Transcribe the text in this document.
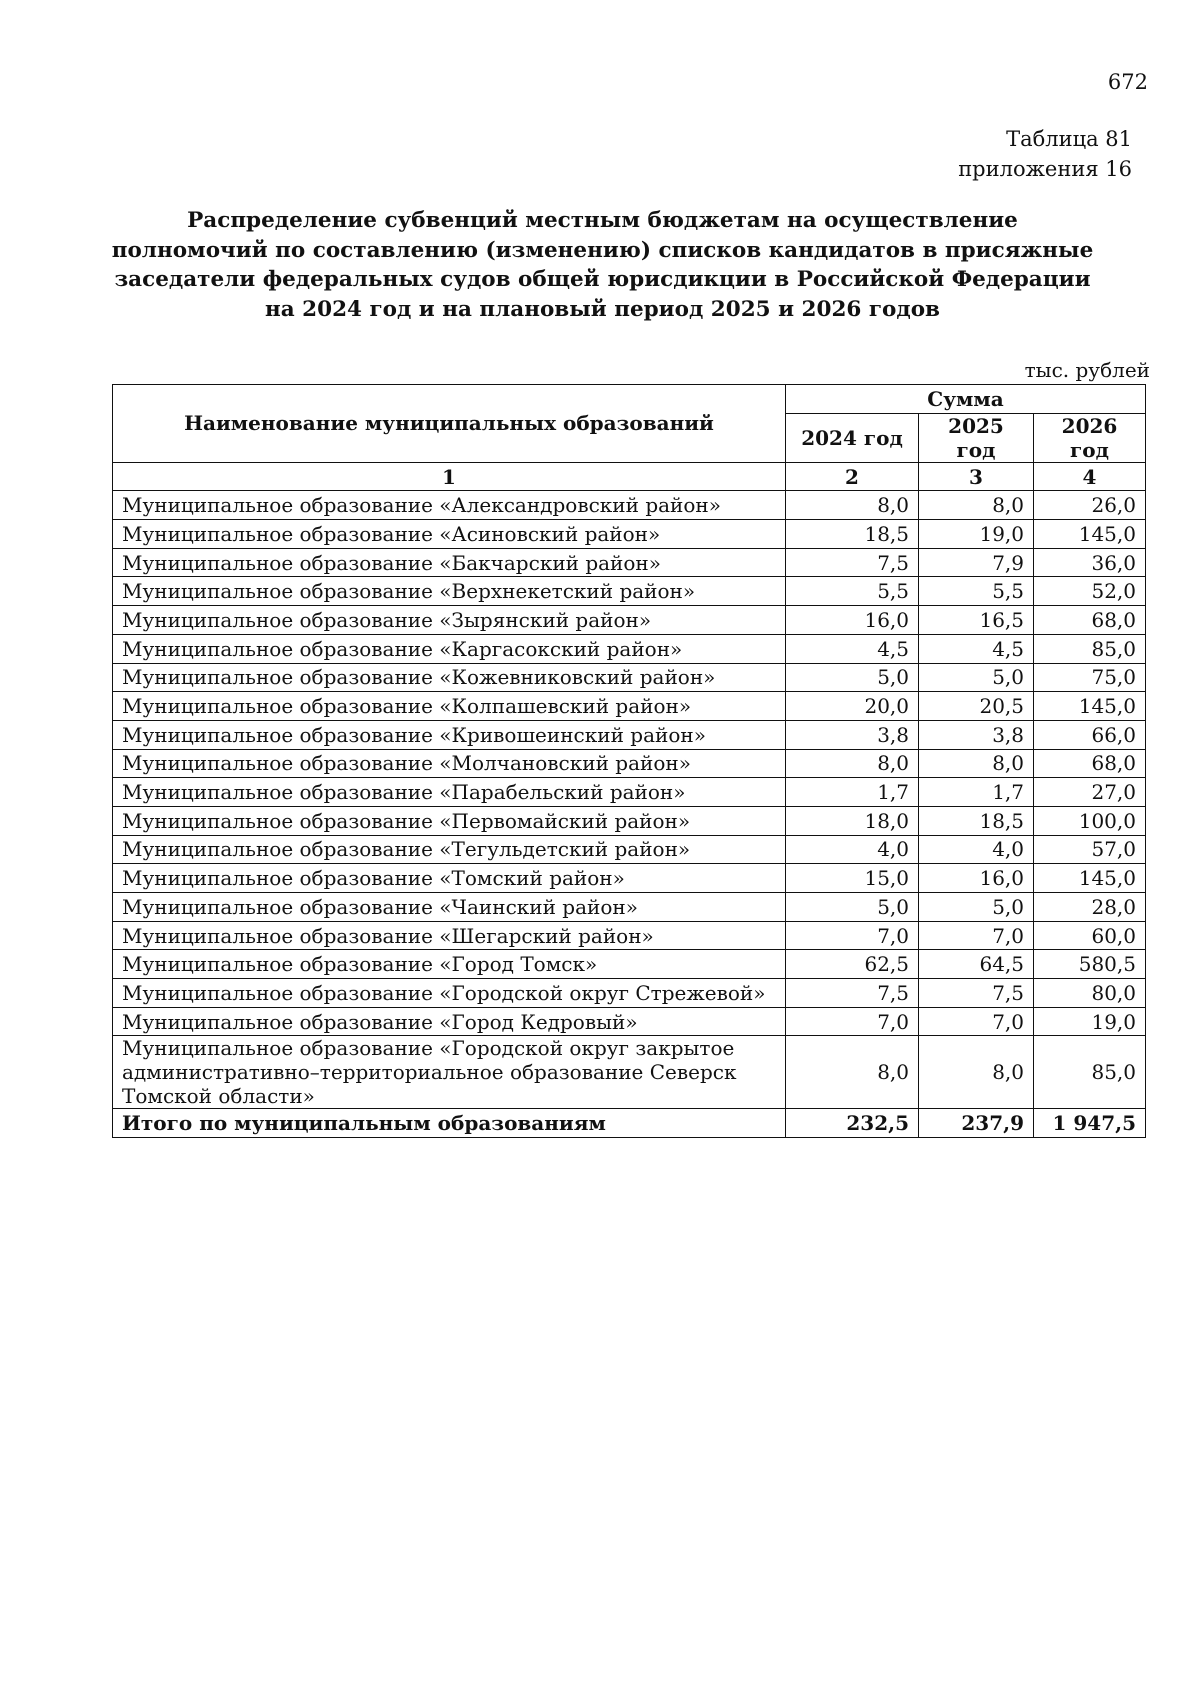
672
Таблица 81
приложения 16
Распределение субвенций местным бюджетам на осуществление полномочий по составлению (изменению) списков кандидатов в присяжные заседатели федеральных судов общей юрисдикции в Российской Федерации на 2024 год и на плановый период 2025 и 2026 годов
тыс. рублей
Наименование муниципальных образований	Сумма		
	2024 год	2025 год	2026 год
1	2	3	4
Муниципальное образование «Александровский район»	8,0	8,0	26,0
Муниципальное образование «Асиновский район»	18,5	19,0	145,0
Муниципальное образование «Бакчарский район»	7,5	7,9	36,0
Муниципальное образование «Верхнекетский район»	5,5	5,5	52,0
Муниципальное образование «Зырянский район»	16,0	16,5	68,0
Муниципальное образование «Каргасокский район»	4,5	4,5	85,0
Муниципальное образование «Кожевниковский район»	5,0	5,0	75,0
Муниципальное образование «Колпашевский район»	20,0	20,5	145,0
Муниципальное образование «Кривошеинский район»	3,8	3,8	66,0
Муниципальное образование «Молчановский район»	8,0	8,0	68,0
Муниципальное образование «Парабельский район»	1,7	1,7	27,0
Муниципальное образование «Первомайский район»	18,0	18,5	100,0
Муниципальное образование «Тегульдетский район»	4,0	4,0	57,0
Муниципальное образование «Томский район»	15,0	16,0	145,0
Муниципальное образование «Чаинский район»	5,0	5,0	28,0
Муниципальное образование «Шегарский район»	7,0	7,0	60,0
Муниципальное образование «Город Томск»	62,5	64,5	580,5
Муниципальное образование «Городской округ Стрежевой»	7,5	7,5	80,0
Муниципальное образование «Город Кедровый»	7,0	7,0	19,0
Муниципальное образование «Городской округ закрытое административно–территориальное образование Северск Томской области»	8,0	8,0	85,0
Итого по муниципальным образованиям	232,5	237,9	1 947,5
